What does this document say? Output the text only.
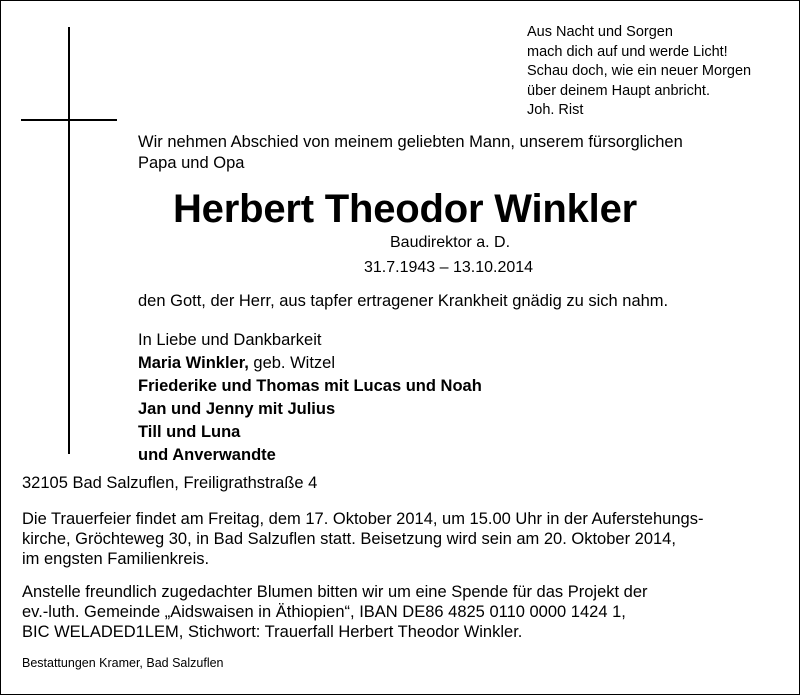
Aus Nacht und Sorgen
mach dich auf und werde Licht!
Schau doch, wie ein neuer Morgen
über deinem Haupt anbricht.
Joh. Rist
Wir nehmen Abschied von meinem geliebten Mann, unserem fürsorglichen
Papa und Opa
Herbert Theodor Winkler
Baudirektor a. D.
31.7.1943 – 13.10.2014
den Gott, der Herr, aus tapfer ertragener Krankheit gnädig zu sich nahm.
In Liebe und Dankbarkeit
Maria Winkler, geb. Witzel
Friederike und Thomas mit Lucas und Noah
Jan und Jenny mit Julius
Till und Luna
und Anverwandte
32105 Bad Salzuflen, Freiligrathstraße 4
Die Trauerfeier findet am Freitag, dem 17. Oktober 2014, um 15.00 Uhr in der Auferstehungs-
kirche, Gröchteweg 30, in Bad Salzuflen statt. Beisetzung wird sein am 20. Oktober 2014,
im engsten Familienkreis.
Anstelle freundlich zugedachter Blumen bitten wir um eine Spende für das Projekt der
ev.-luth. Gemeinde „Aidswaisen in Äthiopien“, IBAN DE86 4825 0110 0000 1424 1,
BIC WELADED1LEM, Stichwort: Trauerfall Herbert Theodor Winkler.
Bestattungen Kramer, Bad Salzuflen
